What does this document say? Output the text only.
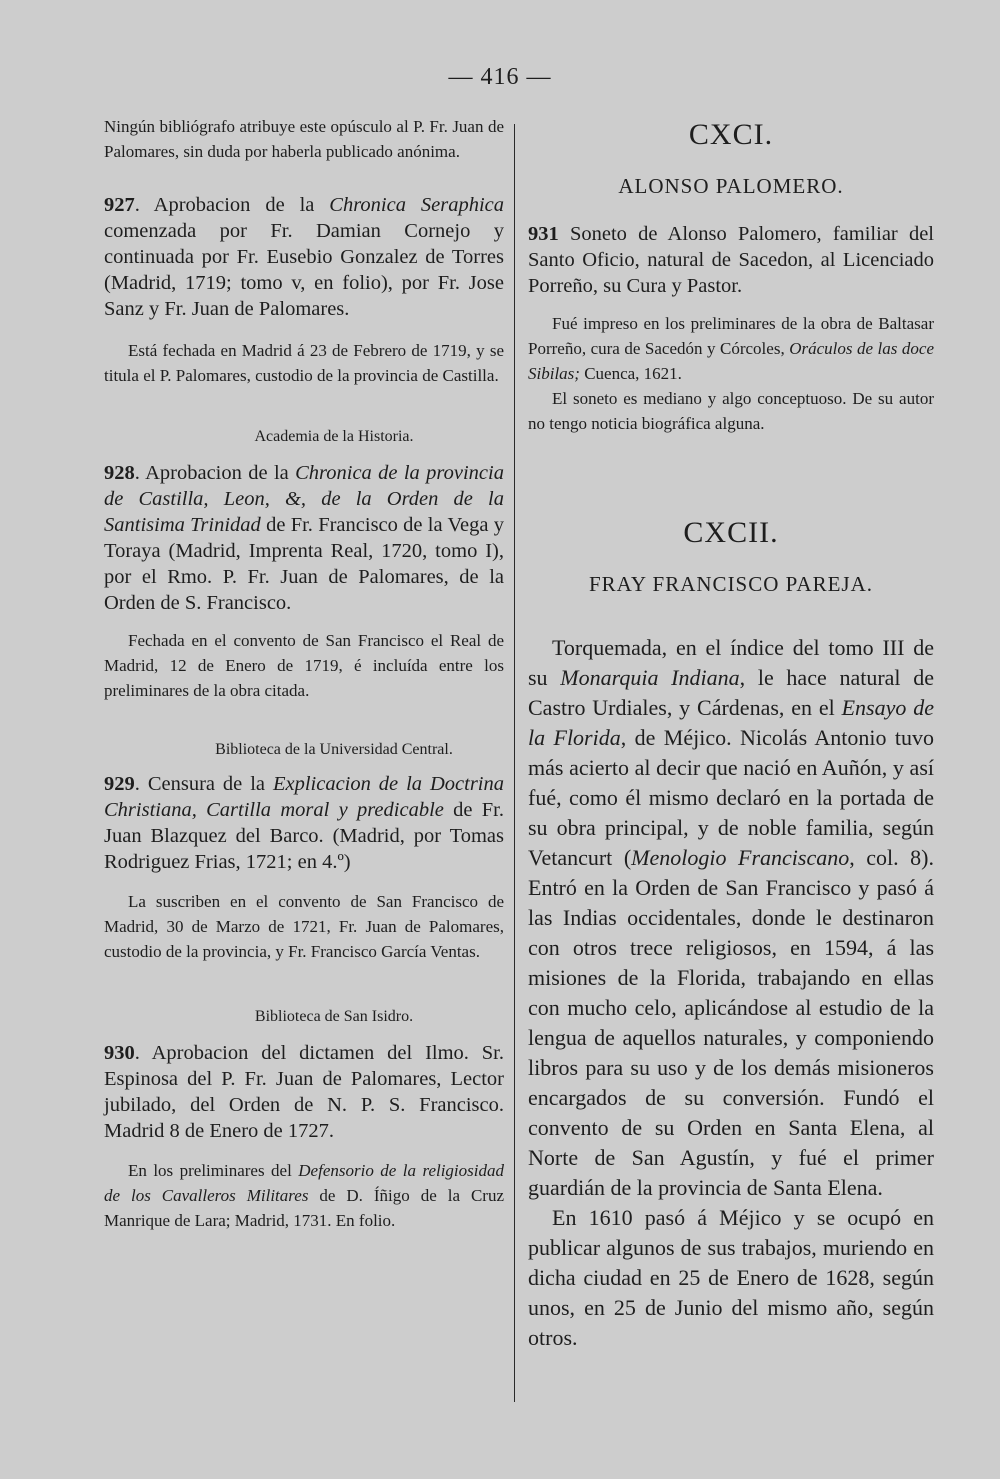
— 416 —

Ningún bibliógrafo atribuye este opúsculo al P. Fr. Juan de Palomares, sin duda por haberla publicado anónima.

927. Aprobacion de la Chronica Seraphica comenzada por Fr. Damian Cornejo y continuada por Fr. Eusebio Gonzalez de Torres (Madrid, 1719; tomo v, en folio), por Fr. Jose Sanz y Fr. Juan de Palomares.

Está fechada en Madrid á 23 de Febrero de 1719, y se titula el P. Palomares, custodio de la provincia de Castilla.

Academia de la Historia.

928. Aprobacion de la Chronica de la provincia de Castilla, Leon, &, de la Orden de la Santisima Trinidad de Fr. Francisco de la Vega y Toraya (Madrid, Imprenta Real, 1720, tomo I), por el Rmo. P. Fr. Juan de Palomares, de la Orden de S. Francisco.

Fechada en el convento de San Francisco el Real de Madrid, 12 de Enero de 1719, é incluída entre los preliminares de la obra citada.

Biblioteca de la Universidad Central.

929. Censura de la Explicacion de la Doctrina Christiana, Cartilla moral y predicable de Fr. Juan Blazquez del Barco. (Madrid, por Tomas Rodriguez Frias, 1721; en 4.º)

La suscriben en el convento de San Francisco de Madrid, 30 de Marzo de 1721, Fr. Juan de Palomares, custodio de la provincia, y Fr. Francisco García Ventas.

Biblioteca de San Isidro.

930. Aprobacion del dictamen del Ilmo. Sr. Espinosa del P. Fr. Juan de Palomares, Lector jubilado, del Orden de N. P. S. Francisco. Madrid 8 de Enero de 1727.

En los preliminares del Defensorio de la religiosidad de los Cavalleros Militares de D. Íñigo de la Cruz Manrique de Lara; Madrid, 1731. En folio.

CXCI.

ALONSO PALOMERO.

931 Soneto de Alonso Palomero, familiar del Santo Oficio, natural de Sacedon, al Licenciado Porreño, su Cura y Pastor.

Fué impreso en los preliminares de la obra de Baltasar Porreño, cura de Sacedón y Córcoles, Oráculos de las doce Sibilas; Cuenca, 1621.

El soneto es mediano y algo conceptuoso. De su autor no tengo noticia biográfica alguna.

CXCII.

FRAY FRANCISCO PAREJA.

Torquemada, en el índice del tomo III de su Monarquia Indiana, le hace natural de Castro Urdiales, y Cárdenas, en el Ensayo de la Florida, de Méjico. Nicolás Antonio tuvo más acierto al decir que nació en Auñón, y así fué, como él mismo declaró en la portada de su obra principal, y de noble familia, según Vetancurt (Menologio Franciscano, col. 8). Entró en la Orden de San Francisco y pasó á las Indias occidentales, donde le destinaron con otros trece religiosos, en 1594, á las misiones de la Florida, trabajando en ellas con mucho celo, aplicándose al estudio de la lengua de aquellos naturales, y componiendo libros para su uso y de los demás misioneros encargados de su conversión. Fundó el convento de su Orden en Santa Elena, al Norte de San Agustín, y fué el primer guardián de la provincia de Santa Elena.

En 1610 pasó á Méjico y se ocupó en publicar algunos de sus trabajos, muriendo en dicha ciudad en 25 de Enero de 1628, según unos, en 25 de Junio del mismo año, según otros.
